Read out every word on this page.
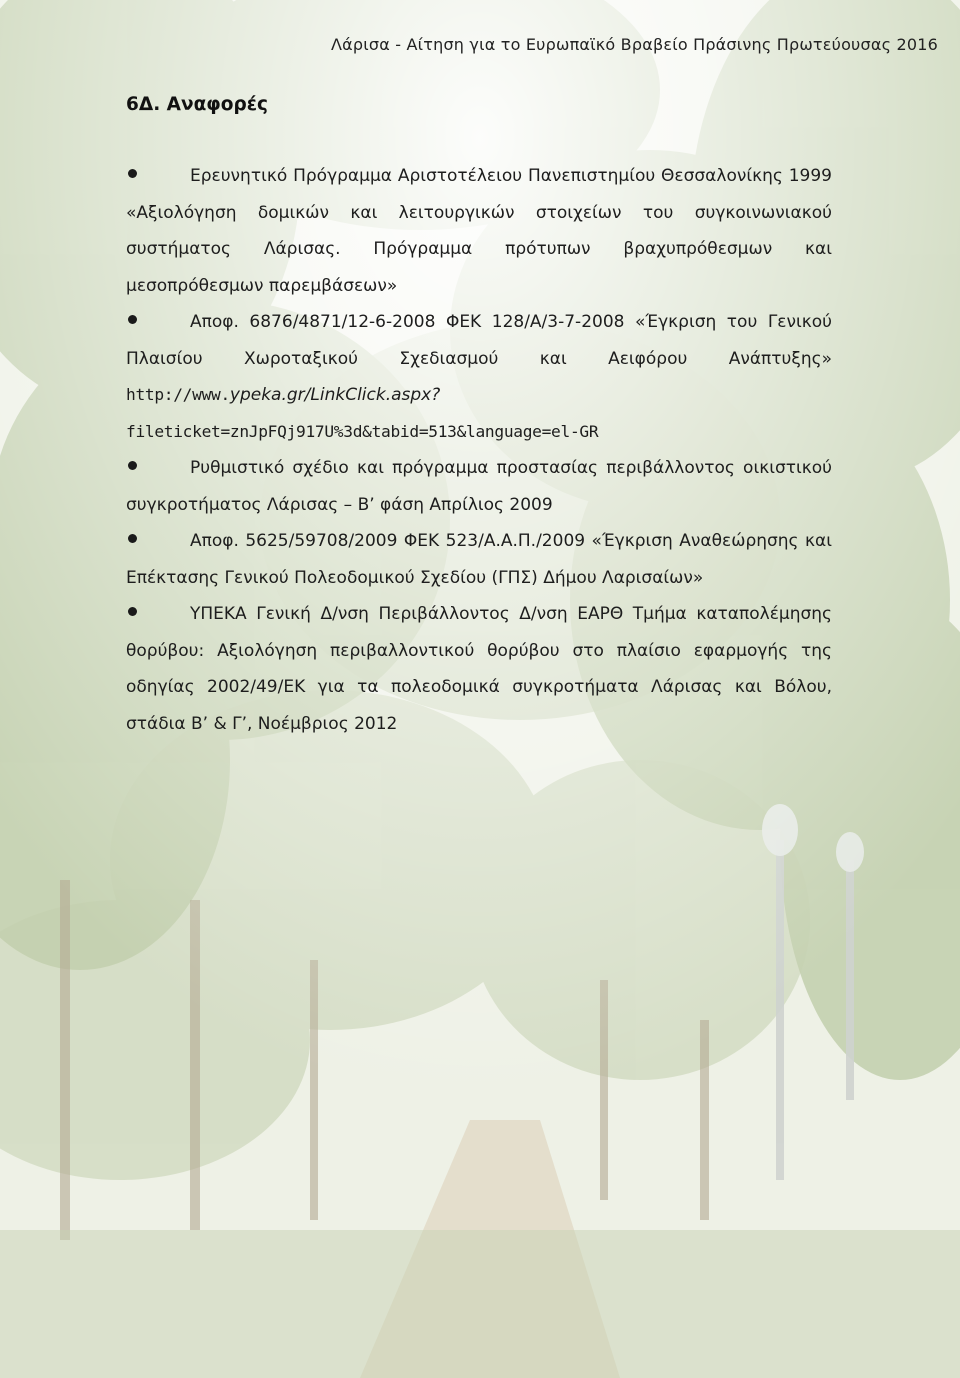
Λάρισα - Αίτηση για το Ευρωπαϊκό Βραβείο Πράσινης Πρωτεύουσας 2016
6Δ. Αναφορές
Ερευνητικό Πρόγραμμα Αριστοτέλειου Πανεπιστημίου Θεσσαλονίκης 1999 «Αξιολόγηση δομικών και λειτουργικών στοιχείων του συγκοινωνιακού συστήματος Λάρισας. Πρόγραμμα πρότυπων βραχυπρόθεσμων και μεσοπρόθεσμων παρεμβάσεων»
Αποφ. 6876/4871/12-6-2008 ΦΕΚ 128/Α/3-7-2008 «Έγκριση του Γενικού Πλαισίου Χωροταξικού Σχεδιασμού και Αειφόρου Ανάπτυξης» http://www.ypeka.gr/LinkClick.aspx?fileticket=znJpFQj917U%3d&tabid=513&language=el-GR
Ρυθμιστικό σχέδιο και πρόγραμμα προστασίας περιβάλλοντος οικιστικού συγκροτήματος Λάρισας – Β’ φάση Απρίλιος 2009
Αποφ. 5625/59708/2009 ΦΕΚ 523/Α.Α.Π./2009 «Έγκριση Αναθεώρησης και Επέκτασης Γενικού Πολεοδομικού Σχεδίου (ΓΠΣ) Δήμου Λαρισαίων»
ΥΠΕΚΑ Γενική Δ/νση Περιβάλλοντος Δ/νση ΕΑΡΘ Τμήμα καταπολέμησης θορύβου: Αξιολόγηση περιβαλλοντικού θορύβου στο πλαίσιο εφαρμογής της οδηγίας 2002/49/ΕΚ για τα πολεοδομικά συγκροτήματα Λάρισας και Βόλου, στάδια Β’ & Γ’, Νοέμβριος 2012
